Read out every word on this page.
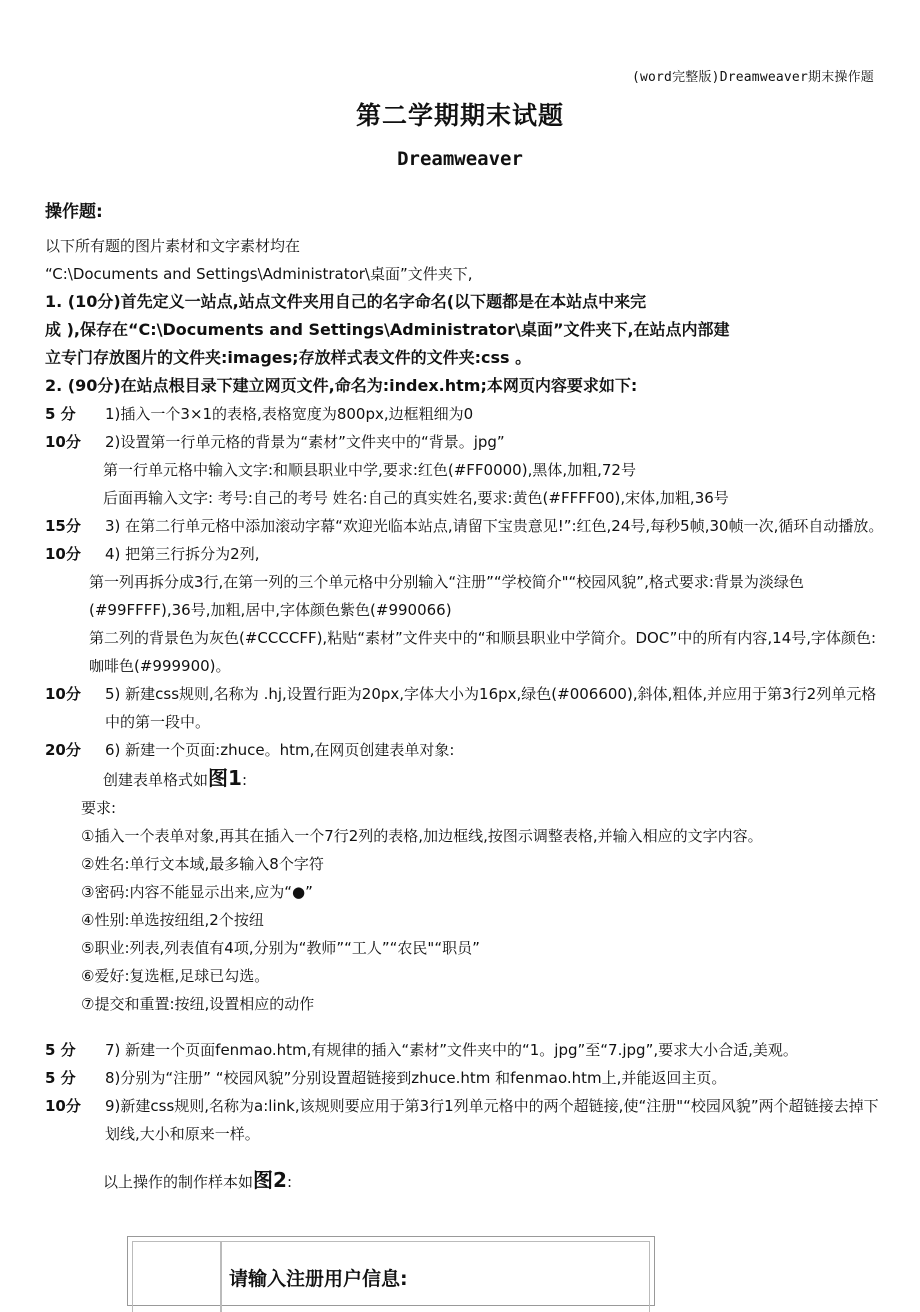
(word完整版)Dreamweaver期末操作题
第二学期期末试题
Dreamweaver
操作题:
以下所有题的图片素材和文字素材均在
“C:\Documents and Settings\Administrator\桌面”文件夹下,
1. (10分)首先定义一站点,站点文件夹用自己的名字命名(以下题都是在本站点中来完
成 ),保存在“C:\Documents and Settings\Administrator\桌面”文件夹下,在站点内部建
立专门存放图片的文件夹:images;存放样式表文件的文件夹:css 。
2. (90分)在站点根目录下建立网页文件,命名为:index.htm;本网页内容要求如下:
5 分	1)插入一个3×1的表格,表格宽度为800px,边框粗细为0
10分	2)设置第一行单元格的背景为“素材”文件夹中的“背景。jpg”
第一行单元格中输入文字:和顺县职业中学,要求:红色(#FF0000),黑体,加粗,72号
后面再输入文字: 考号:自己的考号 姓名:自己的真实姓名,要求:黄色(#FFFF00),宋体,加粗,36号
15分	3) 在第二行单元格中添加滚动字幕“欢迎光临本站点,请留下宝贵意见!”:红色,24号,每秒5帧,30帧一次,循环自动播放。
10分	4) 把第三行拆分为2列,
第一列再拆分成3行,在第一列的三个单元格中分别输入“注册”“学校简介"“校园风貌”,格式要求:背景为淡绿色(#99FFFF),36号,加粗,居中,字体颜色紫色(#990066)
第二列的背景色为灰色(#CCCCFF),粘贴“素材”文件夹中的“和顺县职业中学简介。DOC”中的所有内容,14号,字体颜色:咖啡色(#999900)。
10分	5) 新建css规则,名称为 .hj,设置行距为20px,字体大小为16px,绿色(#006600),斜体,粗体,并应用于第3行2列单元格中的第一段中。
20分	6) 新建一个页面:zhuce。htm,在网页创建表单对象:
创建表单格式如图1:
要求:
①插入一个表单对象,再其在插入一个7行2列的表格,加边框线,按图示调整表格,并输入相应的文字内容。
②姓名:单行文本域,最多输入8个字符
③密码:内容不能显示出来,应为“●”
④性别:单选按纽组,2个按纽
⑤职业:列表,列表值有4项,分别为“教师”“工人”“农民"“职员”
⑥爱好:复选框,足球已勾选。
⑦提交和重置:按纽,设置相应的动作
5 分	7) 新建一个页面fenmao.htm,有规律的插入“素材”文件夹中的“1。jpg”至“7.jpg”,要求大小合适,美观。
5 分	8)分别为“注册” “校园风貌”分别设置超链接到zhuce.htm 和fenmao.htm上,并能返回主页。
10分	9)新建css规则,名称为a:link,该规则要应用于第3行1列单元格中的两个超链接,使“注册"“校园风貌”两个超链接去掉下划线,大小和原来一样。
以上操作的制作样本如图2:
请输入注册用户信息:
